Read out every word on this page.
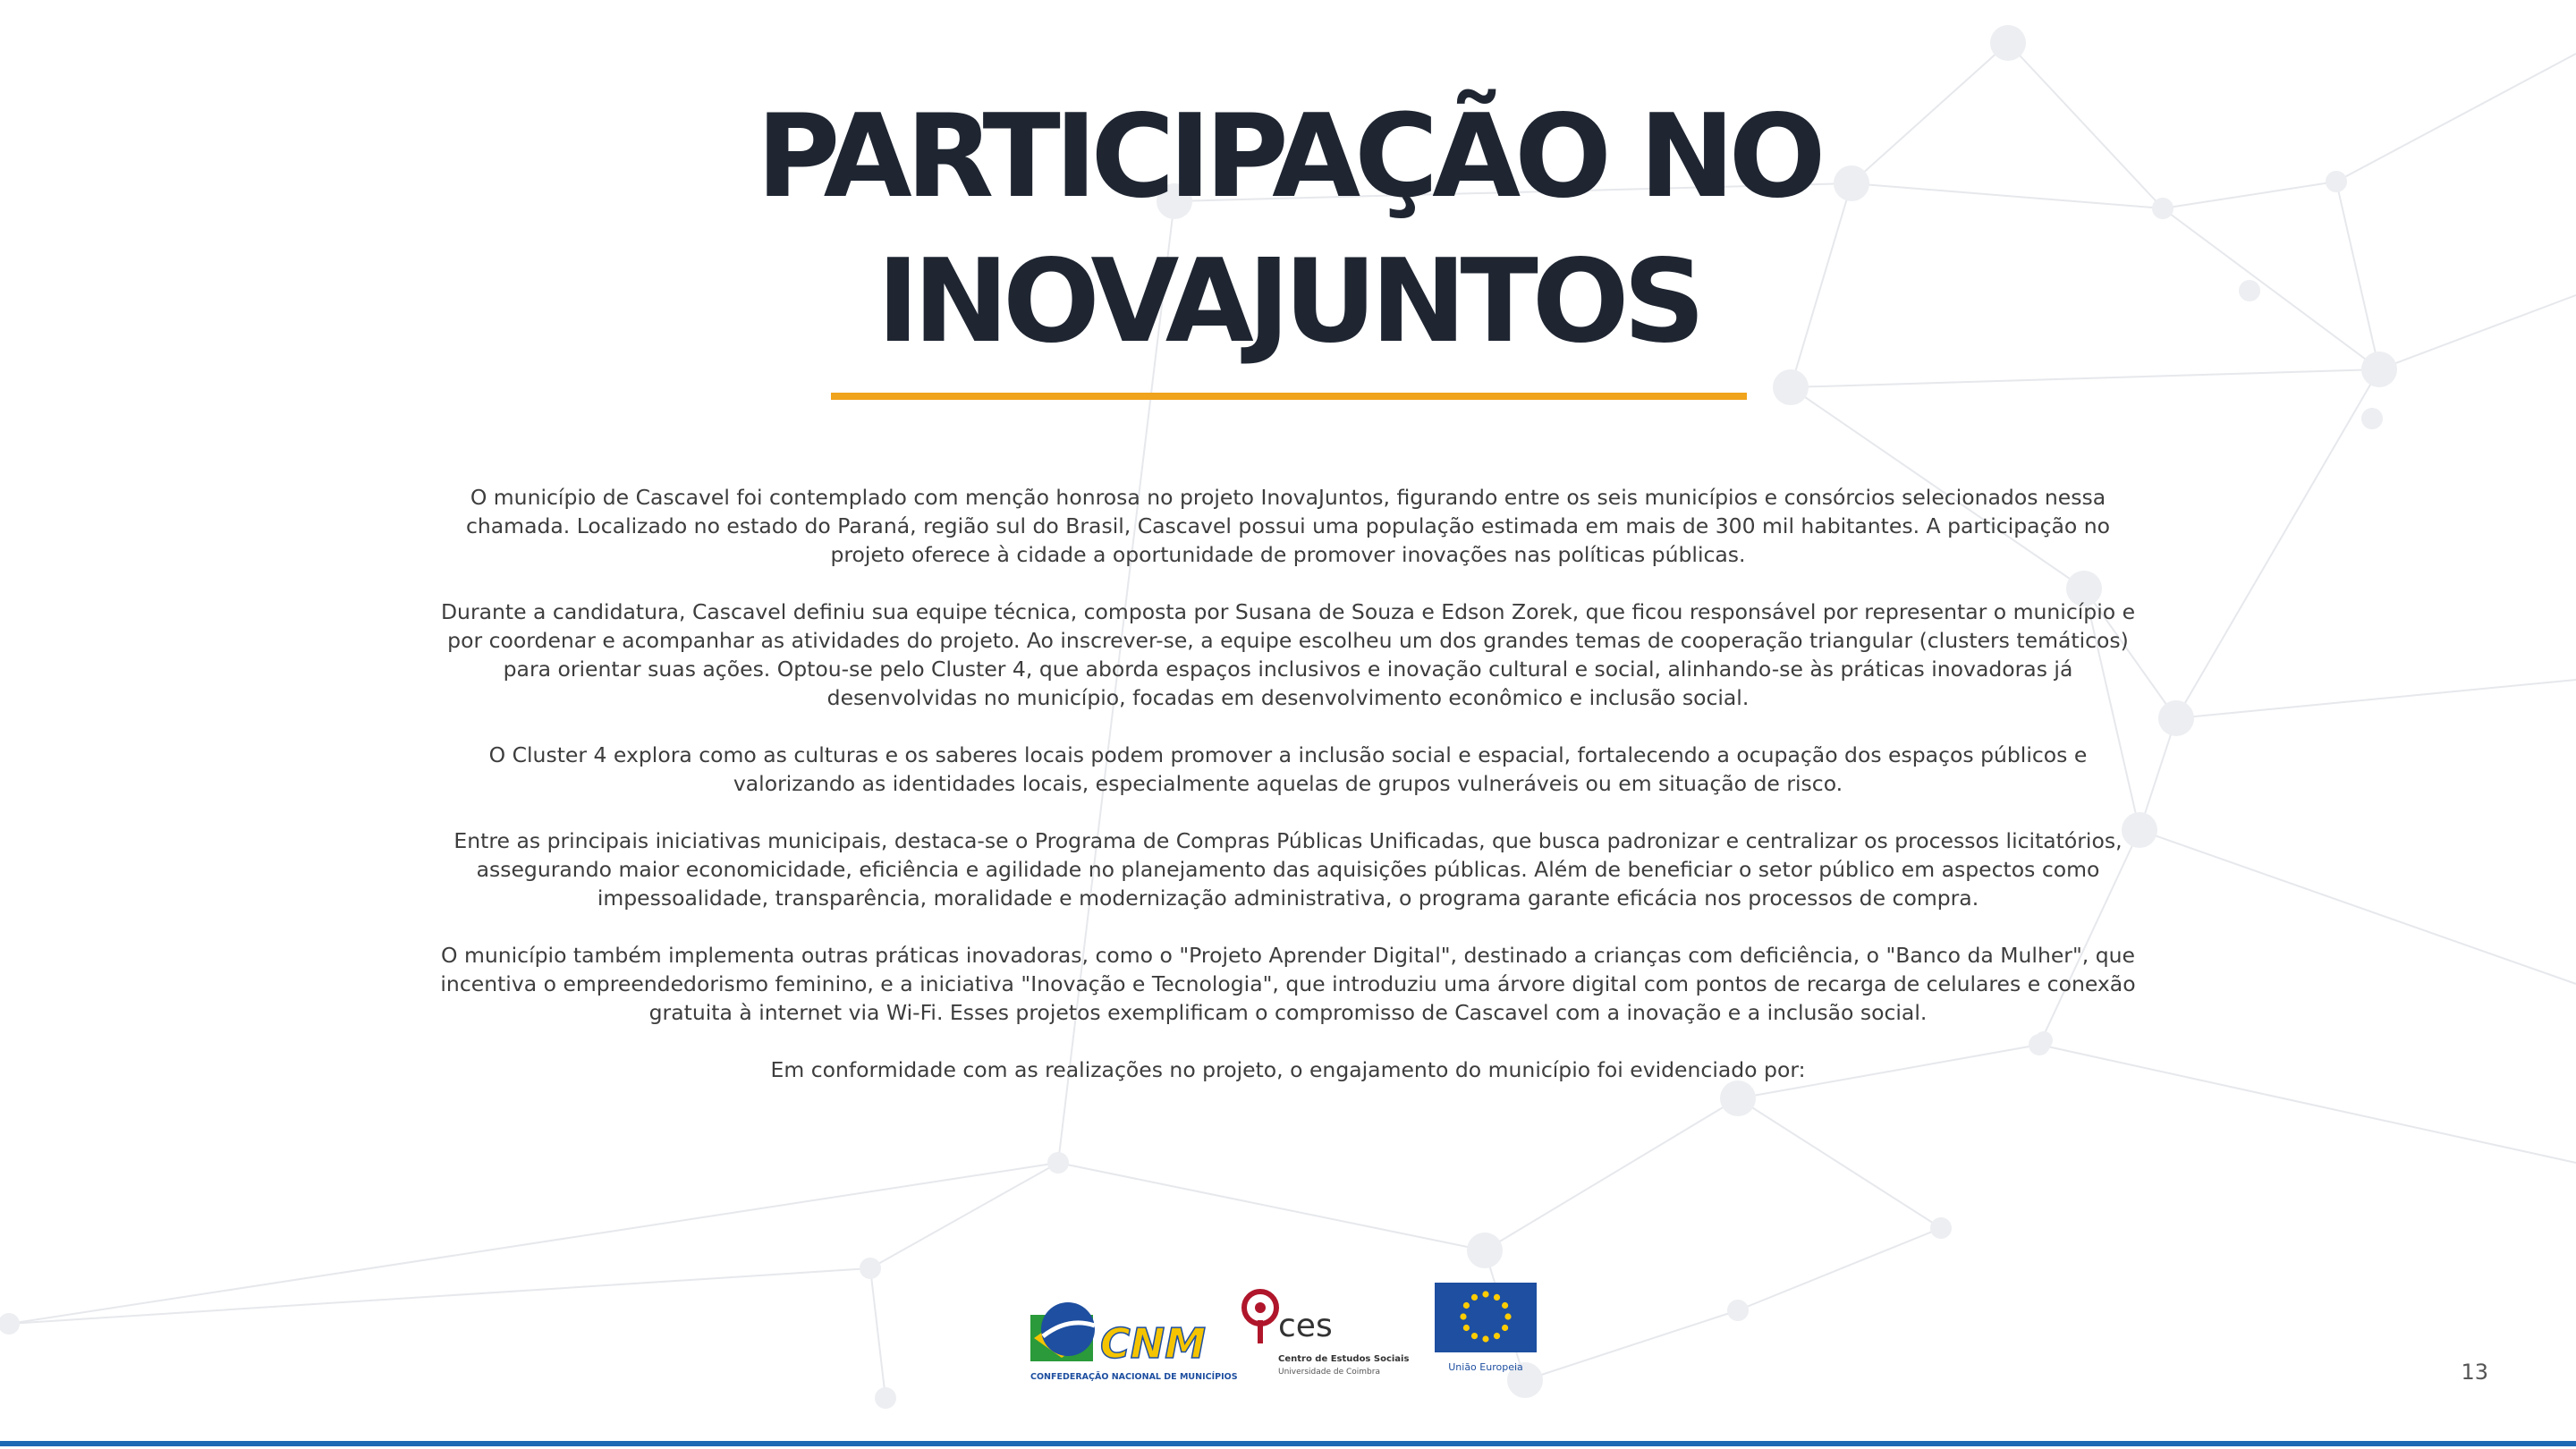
PARTICIPAÇÃO NO
INOVAJUNTOS

O município de Cascavel foi contemplado com menção honrosa no projeto InovaJuntos, figurando entre os seis municípios e consórcios selecionados nessa chamada. Localizado no estado do Paraná, região sul do Brasil, Cascavel possui uma população estimada em mais de 300 mil habitantes. A participação no projeto oferece à cidade a oportunidade de promover inovações nas políticas públicas.

Durante a candidatura, Cascavel definiu sua equipe técnica, composta por Susana de Souza e Edson Zorek, que ficou responsável por representar o município e por coordenar e acompanhar as atividades do projeto. Ao inscrever-se, a equipe escolheu um dos grandes temas de cooperação triangular (clusters temáticos) para orientar suas ações. Optou-se pelo Cluster 4, que aborda espaços inclusivos e inovação cultural e social, alinhando-se às práticas inovadoras já desenvolvidas no município, focadas em desenvolvimento econômico e inclusão social.

O Cluster 4 explora como as culturas e os saberes locais podem promover a inclusão social e espacial, fortalecendo a ocupação dos espaços públicos e valorizando as identidades locais, especialmente aquelas de grupos vulneráveis ou em situação de risco.

Entre as principais iniciativas municipais, destaca-se o Programa de Compras Públicas Unificadas, que busca padronizar e centralizar os processos licitatórios, assegurando maior economicidade, eficiência e agilidade no planejamento das aquisições públicas. Além de beneficiar o setor público em aspectos como impessoalidade, transparência, moralidade e modernização administrativa, o programa garante eficácia nos processos de compra.

O município também implementa outras práticas inovadoras, como o "Projeto Aprender Digital", destinado a crianças com deficiência, o "Banco da Mulher", que incentiva o empreendedorismo feminino, e a iniciativa "Inovação e Tecnologia", que introduziu uma árvore digital com pontos de recarga de celulares e conexão gratuita à internet via Wi-Fi. Esses projetos exemplificam o compromisso de Cascavel com a inovação e a inclusão social.

Em conformidade com as realizações no projeto, o engajamento do município foi evidenciado por:

CNM
CONFEDERAÇÃO NACIONAL DE MUNICÍPIOS
ces
Centro de Estudos Sociais
Universidade de Coimbra	União Europeia	13
